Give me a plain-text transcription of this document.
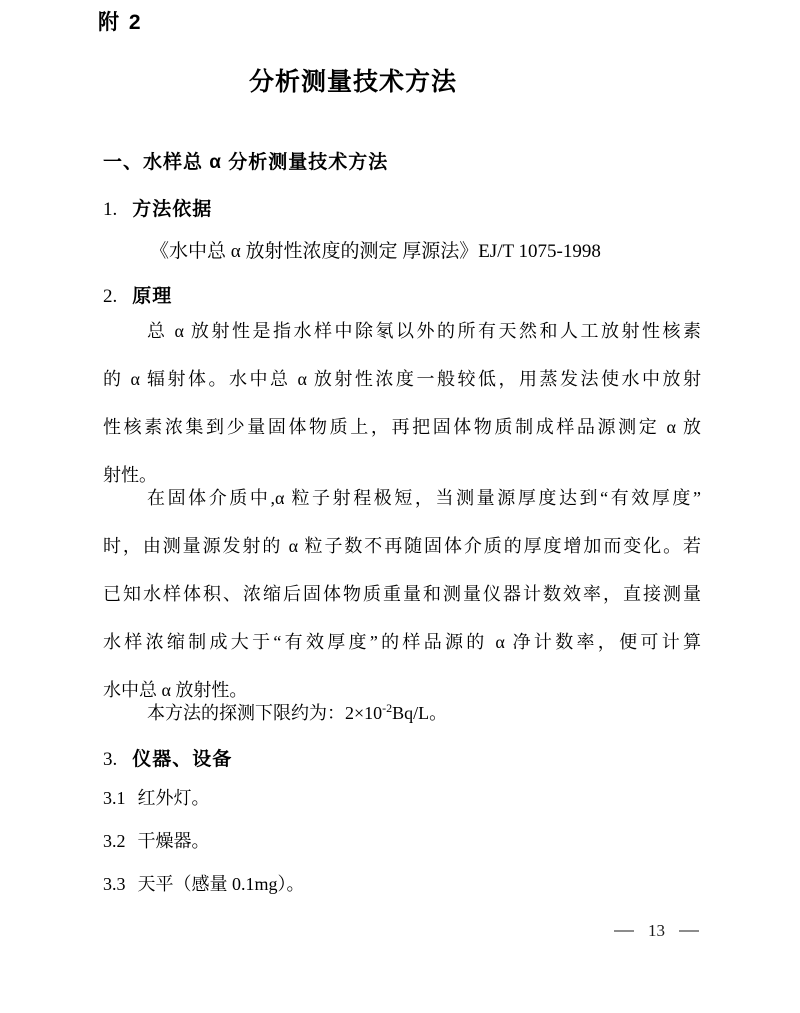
附 2
分析测量技术方法
一、水样总 α 分析测量技术方法
1. 方法依据
《水中总 α 放射性浓度的测定 厚源法》EJ/T 1075-1998
2. 原理
总 α 放射性是指水样中除氡以外的所有天然和人工放射性核素
的 α 辐射体。水中总 α 放射性浓度一般较低，用蒸发法使水中放射
性核素浓集到少量固体物质上，再把固体物质制成样品源测定 α 放
射性。
在固体介质中,α 粒子射程极短，当测量源厚度达到“有效厚度”
时，由测量源发射的 α 粒子数不再随固体介质的厚度增加而变化。若
已知水样体积、浓缩后固体物质重量和测量仪器计数效率，直接测量
水样浓缩制成大于“有效厚度”的样品源的 α 净计数率，便可计算
水中总 α 放射性。
本方法的探测下限约为：$2\times 10^{-2}Bq/L$。
3. 仪器、设备
3.1 红外灯。
3.2 干燥器。
3.3 天平（感量 0.1mg）。
13
